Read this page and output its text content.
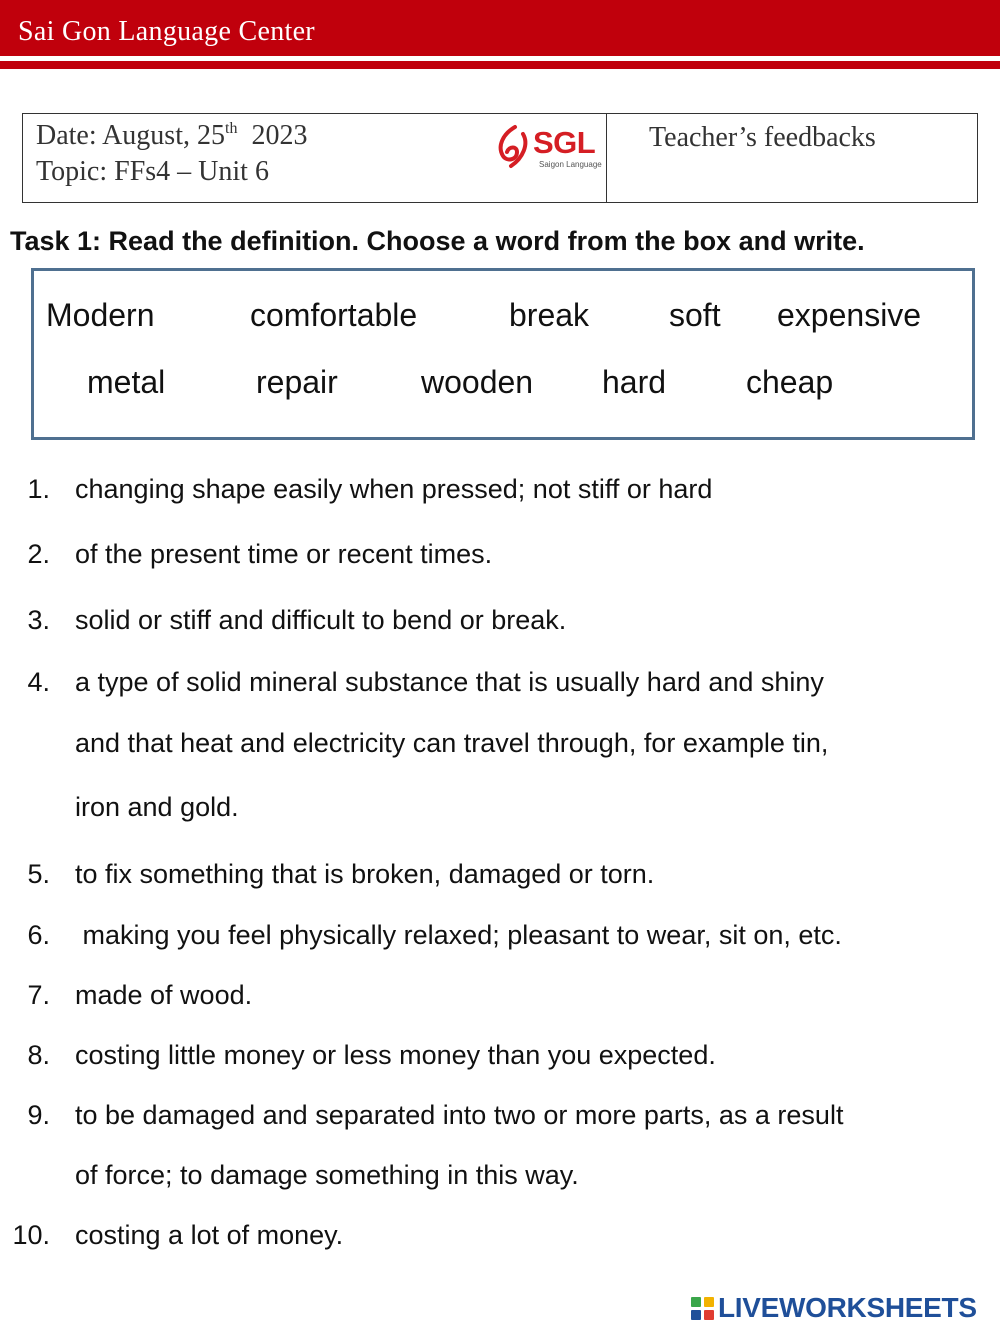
Sai Gon Language Center
Date: August, 25th 2023
Topic: FFs4 – Unit 6
SGL
Saigon Language
Teacher’s feedbacks
Task 1: Read the definition. Choose a word from the box and write.
Modern	comfortable	break soft expensive
metal	repair	wooden hard cheap
1. changing shape easily when pressed; not stiff or hard
2. of the present time or recent times.
3. solid or stiff and difficult to bend or break.
4. a type of solid mineral substance that is usually hard and shiny
and that heat and electricity can travel through, for example tin,
iron and gold.
5. to fix something that is broken, damaged or torn.
6. making you feel physically relaxed; pleasant to wear, sit on, etc.
7. made of wood.
8. costing little money or less money than you expected.
9. to be damaged and separated into two or more parts, as a result
of force; to damage something in this way.
10. costing a lot of money.
LIVEWORKSHEETS
